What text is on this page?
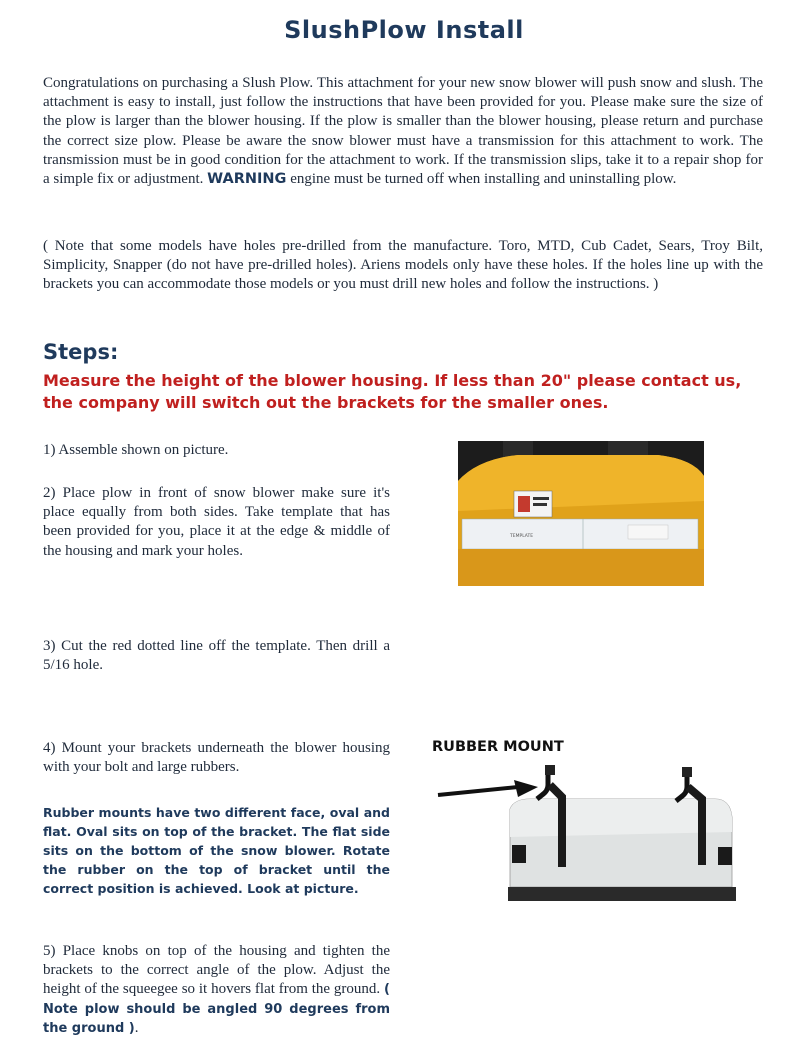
SlushPlow Install
Congratulations on purchasing a Slush Plow. This attachment for your new snow blower will push snow and slush. The attachment is easy to install, just follow the instructions that have been provided for you. Please make sure the size of the plow is larger than the blower housing. If the plow is smaller than the blower housing, please return and purchase the correct size plow. Please be aware the snow blower must have a transmission for this attachment to work. The transmission must be in good condition for the attachment to work. If the transmission slips, take it to a repair shop for a simple fix or adjustment. WARNING engine must be turned off when installing and uninstalling plow.
( Note that some models have holes pre-drilled from the manufacture. Toro, MTD, Cub Cadet, Sears, Troy Bilt, Simplicity, Snapper (do not have pre-drilled holes). Ariens models only have these holes. If the holes line up with the brackets you can accommodate those models or you must drill new holes and follow the instructions. )
Steps:
Measure the height of the blower housing. If less than 20" please contact us, the company will switch out the brackets for the smaller ones.
1) Assemble shown on picture.
2) Place plow in front of snow blower make sure it's place equally from both sides. Take template that has been provided for you, place it at the edge & middle of the housing and mark your holes.
3) Cut the red dotted line off the template. Then drill a 5/16 hole.
4) Mount your brackets underneath the blower housing with your bolt and large rubbers.
Rubber mounts have two different face, oval and flat. Oval sits on top of the bracket. The flat side sits on the bottom of the snow blower. Rotate the rubber on the top of bracket until the correct position is achieved. Look at picture.
5) Place knobs on top of the housing and tighten the brackets to the correct angle of the plow. Adjust the height of the squeegee so it hovers flat from the ground. ( Note plow should be angled 90 degrees from the ground ).
TEMPLATE
RUBBER MOUNT
